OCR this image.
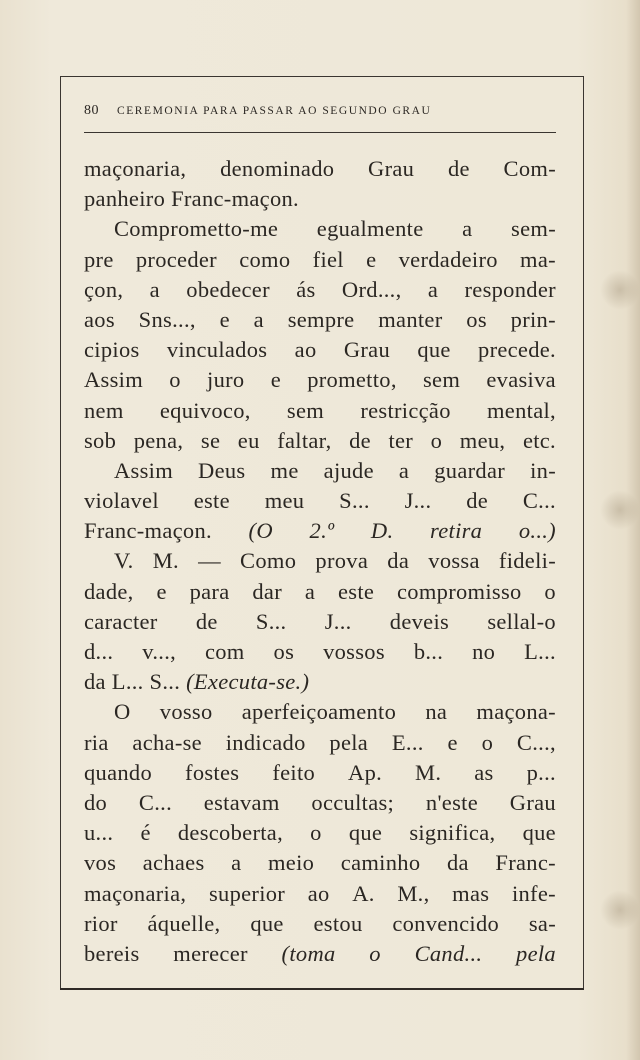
80 CEREMONIA PARA PASSAR AO SEGUNDO GRAU
maçonaria, denominado Grau de Com-
panheiro
Franc-maçon.

Comprometto-me egualmente a sem-
pre proceder como fiel e verdadeiro ma-
çon, a obedecer ás Ord..., a responder
aos Sns..., e a sempre manter os prin-
cipios vinculados ao Grau que precede.
Assim o juro e prometto, sem evasiva
nem equivoco, sem restricção mental,
sob pena, se eu faltar, de ter o meu, etc.
Assim Deus me ajude a guardar in-
violavel este meu S... J... de C...
Franc-maçon. (O 2.º D. retira o...)
V. M. — Como prova da vossa fideli-
dade, e para dar a este compromisso o
caracter de S... J... deveis sellal-o
d... v..., com os vossos b... no L...
da
L...
S...
(Executa-se.)

O vosso aperfeiçoamento na maçona-
ria acha-se indicado pela E... e o C...,
quando fostes feito Ap. M. as p...
do C... estavam occultas; n'este Grau
u... é descoberta, o que significa, que
vos achaes a meio caminho da Franc-
maçonaria, superior ao A. M., mas infe-
rior áquelle, que estou convencido sa-
bereis merecer (toma o Cand... pela
